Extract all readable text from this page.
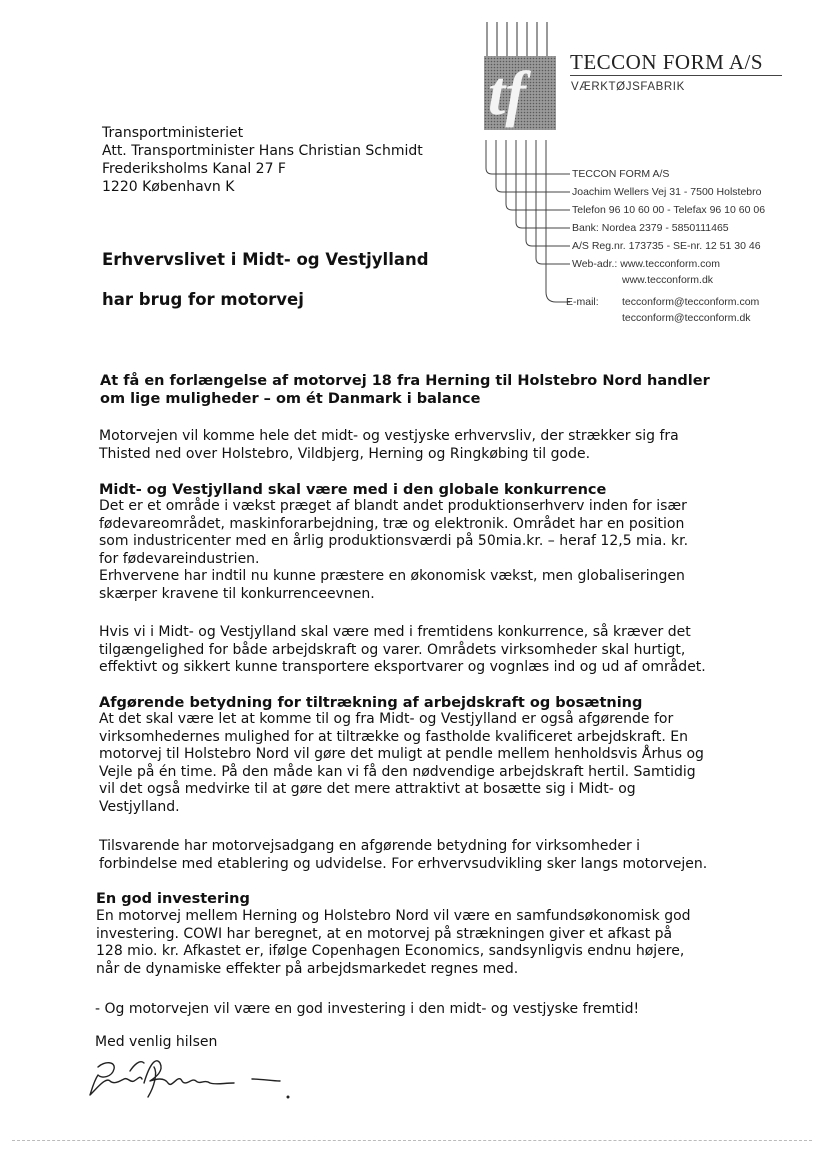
tf TECCON FORM A/S
VÆRKTØJSFABRIK
TECCON FORM A/S
Joachim Wellers Vej 31 - 7500 Holstebro
Telefon 96 10 60 00 - Telefax 96 10 60 06
Bank: Nordea 2379 - 5850111465
A/S Reg.nr. 173735 - SE-nr. 12 51 30 46
Web-adr.: www.tecconform.com
www.tecconform.dk
E-mail: tecconform@tecconform.com
tecconform@tecconform.dk
Transportministeriet
Att. Transportminister Hans Christian Schmidt
Frederiksholms Kanal 27 F
1220 København K
Erhvervslivet i Midt- og Vestjylland
har brug for motorvej
At få en forlængelse af motorvej 18 fra Herning til Holstebro Nord handler
om lige muligheder – om ét Danmark i balance
Motorvejen vil komme hele det midt- og vestjyske erhvervsliv, der strækker sig fra
Thisted ned over Holstebro, Vildbjerg, Herning og Ringkøbing til gode.
Midt- og Vestjylland skal være med i den globale konkurrence
Det er et område i vækst præget af blandt andet produktionserhverv inden for især
fødevareområdet, maskinforarbejdning, træ og elektronik. Området har en position
som industricenter med en årlig produktionsværdi på 50mia.kr. – heraf 12,5 mia. kr.
for fødevareindustrien.
Erhvervene har indtil nu kunne præstere en økonomisk vækst, men globaliseringen
skærper kravene til konkurrenceevnen.
Hvis vi i Midt- og Vestjylland skal være med i fremtidens konkurrence, så kræver det
tilgængelighed for både arbejdskraft og varer. Områdets virksomheder skal hurtigt,
effektivt og sikkert kunne transportere eksportvarer og vognlæs ind og ud af området.
Afgørende betydning for tiltrækning af arbejdskraft og bosætning
At det skal være let at komme til og fra Midt- og Vestjylland er også afgørende for
virksomhedernes mulighed for at tiltrække og fastholde kvalificeret arbejdskraft. En
motorvej til Holstebro Nord vil gøre det muligt at pendle mellem henholdsvis Århus og
Vejle på én time. På den måde kan vi få den nødvendige arbejdskraft hertil. Samtidig
vil det også medvirke til at gøre det mere attraktivt at bosætte sig i Midt- og
Vestjylland.
Tilsvarende har motorvejsadgang en afgørende betydning for virksomheder i
forbindelse med etablering og udvidelse. For erhvervsudvikling sker langs motorvejen.
En god investering
En motorvej mellem Herning og Holstebro Nord vil være en samfundsøkonomisk god
investering. COWI har beregnet, at en motorvej på strækningen giver et afkast på
128 mio. kr. Afkastet er, ifølge Copenhagen Economics, sandsynligvis endnu højere,
når de dynamiske effekter på arbejdsmarkedet regnes med.
- Og motorvejen vil være en god investering i den midt- og vestjyske fremtid!
Med venlig hilsen
